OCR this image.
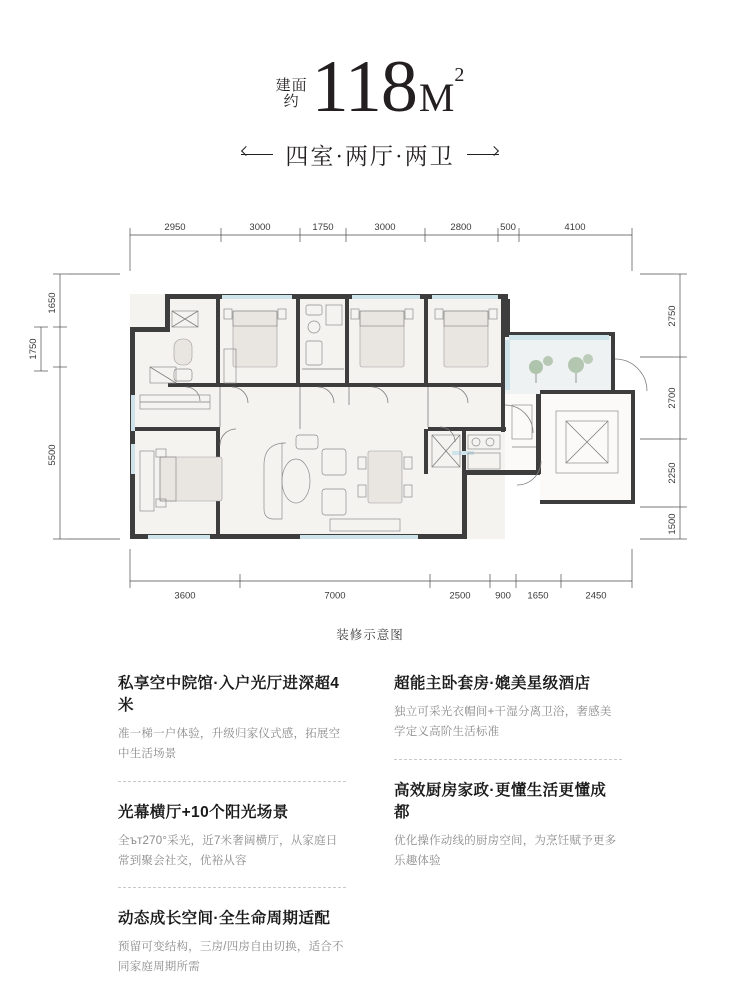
建面
约 118 $M^2$
四室·两厅·两卫
2950	3000	1750	3000	2800	500	4100
1650
1750
5500
2750
2700
2250
1500
3600	7000	2500	900 1650	2450
装修示意图
私享空中院馆·入户光厅进深超4米
准一梯一户体验，升级归家仪式感，拓展空中生活场景
光幕横厅+10个阳光场景
全ът270°采光，近7米奢阔横厅，从家庭日常到聚会社交，优裕从容
动态成长空间·全生命周期适配
预留可变结构，三房/四房自由切换，适合不同家庭周期所需
超能主卧套房·媲美星级酒店
独立可采光衣帽间+干湿分离卫浴，奢感美学定义高阶生活标准
高效厨房家政·更懂生活更懂成都
优化操作动线的厨房空间，为烹饪赋予更多乐趣体验
